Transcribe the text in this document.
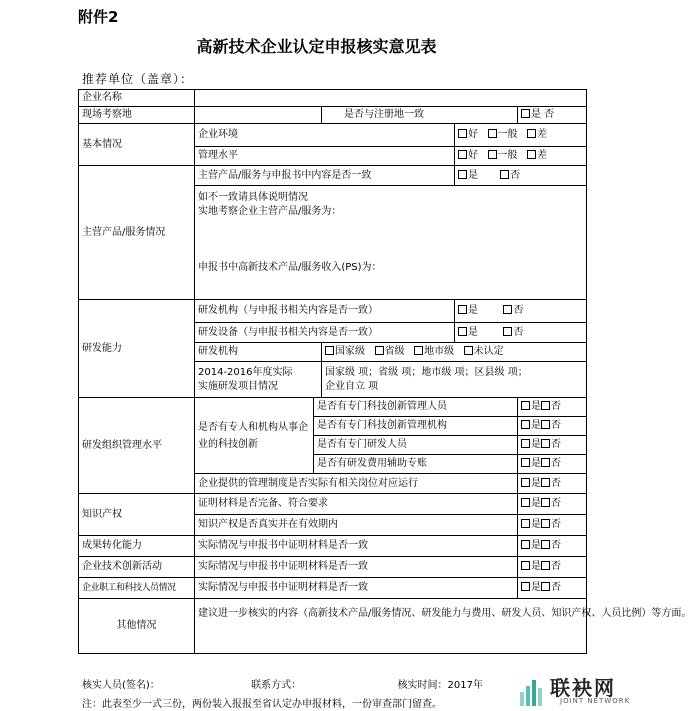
附件2
高新技术企业认定申报核实意见表
推荐单位（盖章）：
企业名称					
现场考察地			是否与注册地一致		是 否
基本情况	企业环境			好 一般 差	
	管理水平			好 一般 差	
主营产品/服务情况	主营产品/服务与申报书中内容是否一致			是 否	

	如不一致请具体说明情况
实地考察企业主营产品/服务为：
申报书中高新技术产品/服务收入(PS)为：				

研发能力	研发机构（与申报书相关内容是否一致）			是 否	
	研发设备（与申报书相关内容是否一致）			是 否	
	研发机构		国家级 省级 地市级 未认定		

	2014-2016年度实际
实施研发项目情况		国家级 项；省级 项；地市级 项；区县级 项；
企业自立 项		

研发组织管理水平	是否有专人和机构从事企业的科技创新	是否有专门科技创新管理人员			是 否
		是否有专门科技创新管理机构			是 否
		是否有专门研发人员			是 否
		是否有研发费用辅助专账			是 否
	企业提供的管理制度是否实际有相关岗位对应运行				是 否
知识产权	证明材料是否完备、符合要求				是 否
	知识产权是否真实并在有效期内				是 否
成果转化能力	实际情况与申报书中证明材料是否一致				是 否
企业技术创新活动	实际情况与申报书中证明材料是否一致				是 否
企业职工和科技人员情况	实际情况与申报书中证明材料是否一致				是 否
其他情况	建议进一步核实的内容（高新技术产品/服务情况、研发能力与费用、研发人员、知识产权、人员比例）等方面。				
核实人员(签名)：	联系方式：	核实时间：2017年
注：此表至少一式三份，两份装入报报至省认定办申报材料，一份审查部门留查。
联袂网
JOINT NETWORK
